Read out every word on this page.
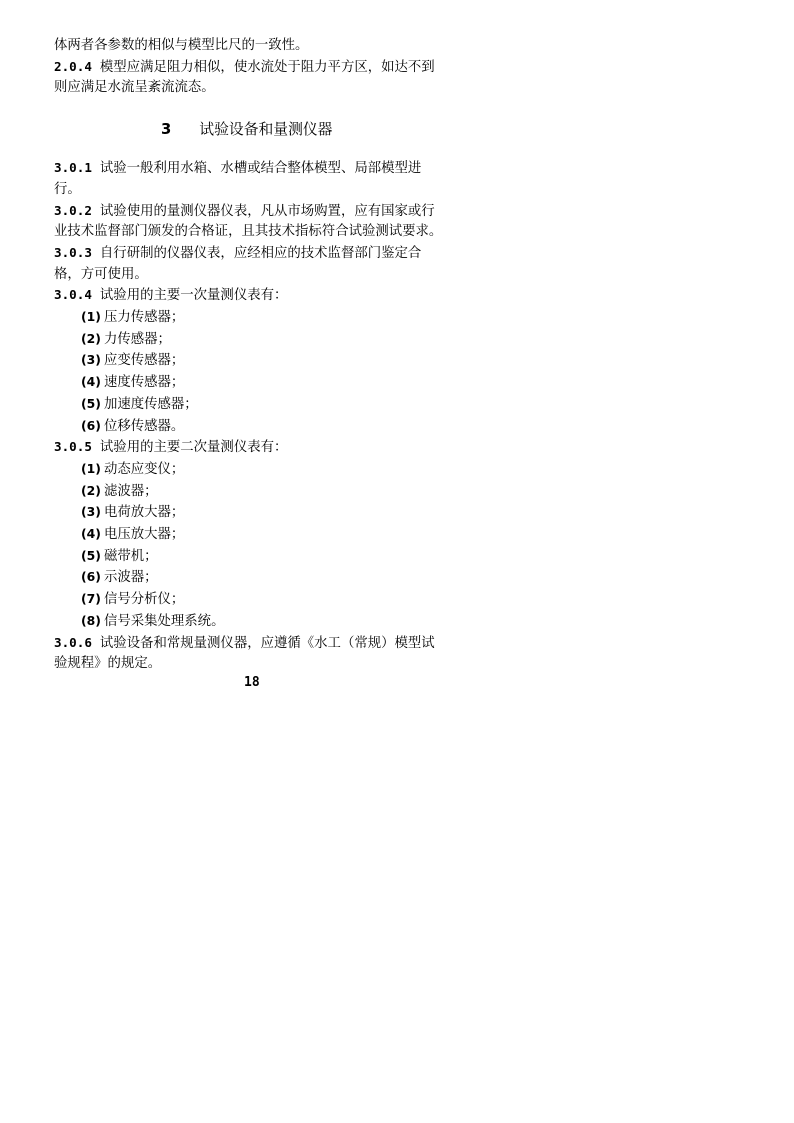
体两者各参数的相似与模型比尺的一致性。
2.0.4 模型应满足阻力相似，使水流处于阻力平方区，如达不到
则应满足水流呈紊流流态。
3 试验设备和量测仪器
3.0.1 试验一般利用水箱、水槽或结合整体模型、局部模型进
行。
3.0.2 试验使用的量测仪器仪表，凡从市场购置，应有国家或行
业技术监督部门颁发的合格证，且其技术指标符合试验测试要求。
3.0.3 自行研制的仪器仪表，应经相应的技术监督部门鉴定合
格，方可使用。
3.0.4 试验用的主要一次量测仪表有：
(1) 压力传感器；
(2) 力传感器；
(3) 应变传感器；
(4) 速度传感器；
(5) 加速度传感器；
(6) 位移传感器。
3.0.5 试验用的主要二次量测仪表有：
(1) 动态应变仪；
(2) 滤波器；
(3) 电荷放大器；
(4) 电压放大器；
(5) 磁带机；
(6) 示波器；
(7) 信号分析仪；
(8) 信号采集处理系统。
3.0.6 试验设备和常规量测仪器，应遵循《水工（常规）模型试
验规程》的规定。
18
